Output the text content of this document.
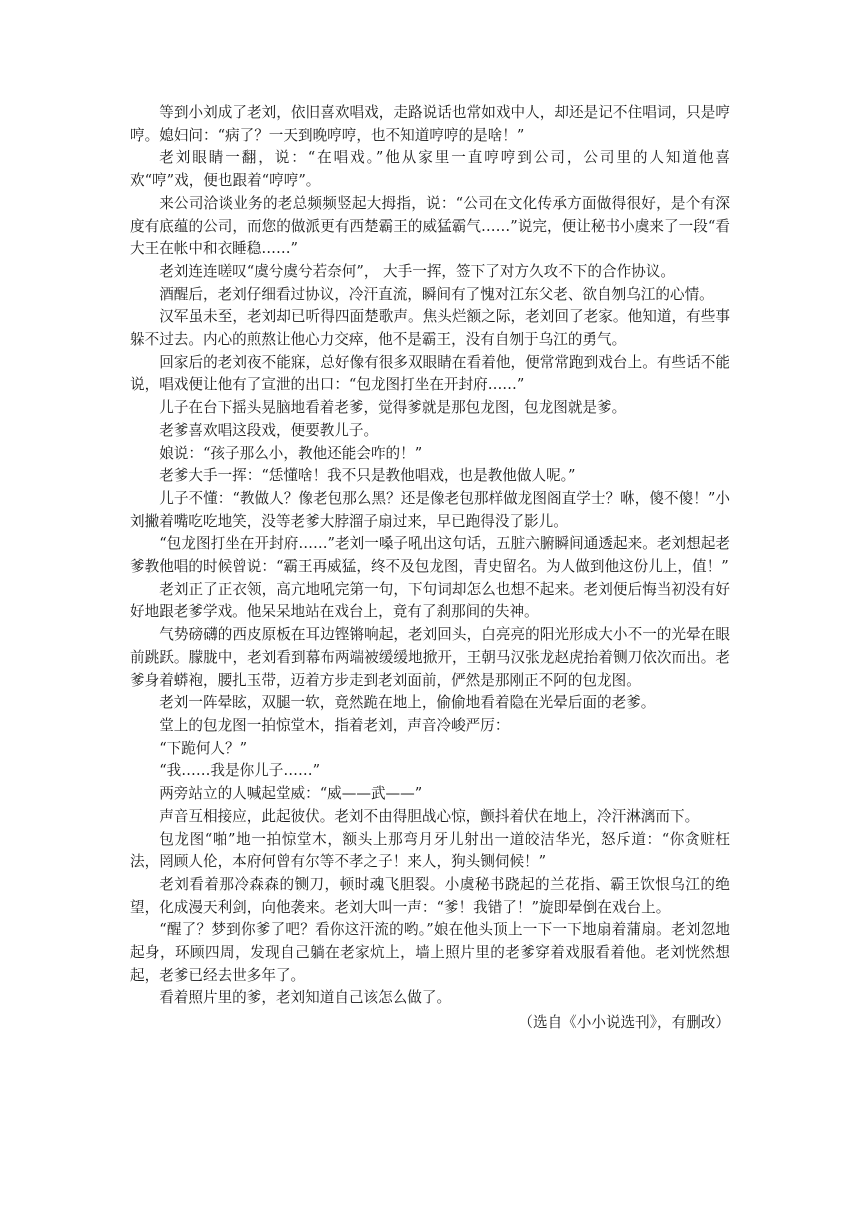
等到小刘成了老刘，依旧喜欢唱戏，走路说话也常如戏中人，却还是记不住唱词，只是哼哼。媳妇问：“病了？一天到晚哼哼，也不知道哼哼的是啥！”

老刘眼睛一翻，说：“在唱戏。”他从家里一直哼哼到公司，公司里的人知道他喜欢“哼”戏，便也跟着“哼哼”。

来公司洽谈业务的老总频频竖起大拇指，说：“公司在文化传承方面做得很好，是个有深度有底蕴的公司，而您的做派更有西楚霸王的威猛霸气……”说完，便让秘书小虞来了一段“看大王在帐中和衣睡稳……”

老刘连连嗟叹“虞兮虞兮若奈何”， 大手一挥，签下了对方久攻不下的合作协议。

酒醒后，老刘仔细看过协议，冷汗直流，瞬间有了愧对江东父老、欲自刎乌江的心情。

汉军虽未至，老刘却已听得四面楚歌声。焦头烂额之际，老刘回了老家。他知道，有些事躲不过去。内心的煎熬让他心力交瘁，他不是霸王，没有自刎于乌江的勇气。

回家后的老刘夜不能寐，总好像有很多双眼睛在看着他，便常常跑到戏台上。有些话不能说，唱戏便让他有了宣泄的出口：“包龙图打坐在开封府……”

儿子在台下摇头晃脑地看着老爹，觉得爹就是那包龙图，包龙图就是爹。

老爹喜欢唱这段戏，便要教儿子。

娘说：“孩子那么小，教他还能会咋的！”

老爹大手一挥：“恁懂啥！我不只是教他唱戏，也是教他做人呢。”

儿子不懂：“教做人？像老包那么黑？还是像老包那样做龙图阁直学士？咻，傻不傻！”小刘撇着嘴吃吃地笑，没等老爹大脖溜子扇过来，早已跑得没了影儿。

“包龙图打坐在开封府……”老刘一嗓子吼出这句话，五脏六腑瞬间通透起来。老刘想起老爹教他唱的时候曾说：“霸王再威猛，终不及包龙图，青史留名。为人做到他这份儿上，值！”

老刘正了正衣领，高亢地吼完第一句，下句词却怎么也想不起来。老刘便后悔当初没有好好地跟老爹学戏。他呆呆地站在戏台上，竟有了刹那间的失神。

气势磅礴的西皮原板在耳边铿锵响起，老刘回头，白亮亮的阳光形成大小不一的光晕在眼前跳跃。朦胧中，老刘看到幕布两端被缓缓地掀开，王朝马汉张龙赵虎抬着铡刀依次而出。老爹身着蟒袍，腰扎玉带，迈着方步走到老刘面前，俨然是那刚正不阿的包龙图。

老刘一阵晕眩，双腿一软，竟然跪在地上，偷偷地看着隐在光晕后面的老爹。

堂上的包龙图一拍惊堂木，指着老刘，声音冷峻严厉：

“下跪何人？”

“我……我是你儿子……”

两旁站立的人喊起堂威：“威——武——”

声音互相接应，此起彼伏。老刘不由得胆战心惊，颤抖着伏在地上，冷汗淋漓而下。

包龙图“啪”地一拍惊堂木，额头上那弯月牙儿射出一道皎洁华光，怒斥道：“你贪赃枉法，罔顾人伦，本府何曾有尔等不孝之子！来人，狗头铡伺候！”

老刘看着那冷森森的铡刀，顿时魂飞胆裂。小虞秘书跷起的兰花指、霸王饮恨乌江的绝望，化成漫天利剑，向他袭来。老刘大叫一声：“爹！我错了！”旋即晕倒在戏台上。

“醒了？梦到你爹了吧？看你这汗流的哟。”娘在他头顶上一下一下地扇着蒲扇。老刘忽地起身，环顾四周，发现自己躺在老家炕上，墙上照片里的老爹穿着戏服看着他。老刘恍然想起，老爹已经去世多年了。

看着照片里的爹，老刘知道自己该怎么做了。

（选自《小小说选刊》，有删改）
